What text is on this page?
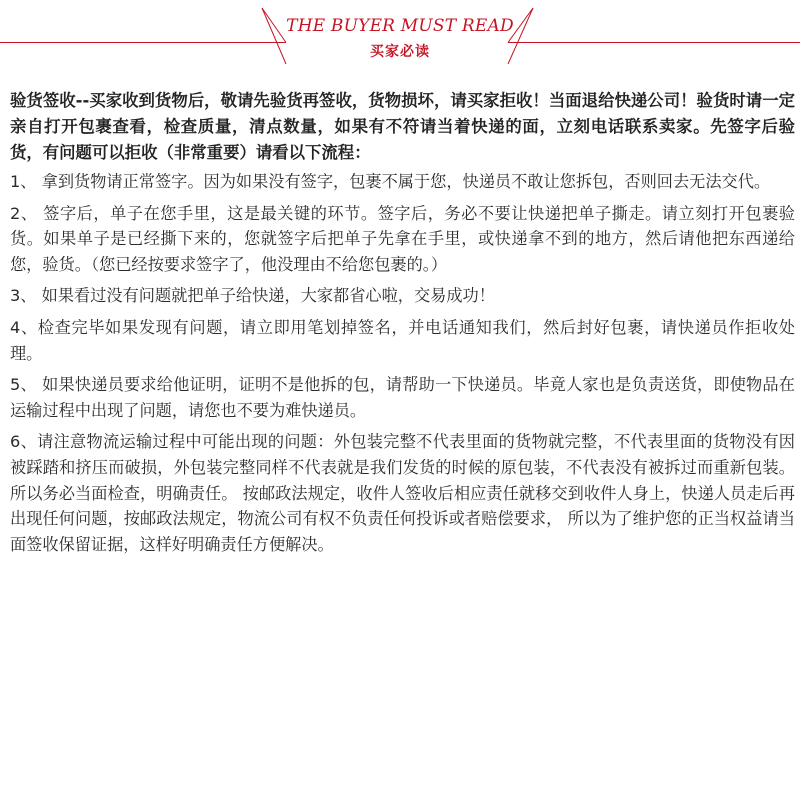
THE BUYER MUST READ
买家必读

验货签收--买家收到货物后，敬请先验货再签收，货物损坏，请买家拒收！当面退给快递公司！验货时请一定亲自打开包裹查看，检查质量，清点数量，如果有不符请当着快递的面，立刻电话联系卖家。先签字后验货，有问题可以拒收（非常重要）请看以下流程：

1、 拿到货物请正常签字。因为如果没有签字，包裹不属于您，快递员不敢让您拆包，否则回去无法交代。

2、 签字后，单子在您手里，这是最关键的环节。签字后，务必不要让快递把单子撕走。请立刻打开包裹验货。如果单子是已经撕下来的，您就签字后把单子先拿在手里，或快递拿不到的地方，然后请他把东西递给您，验货。（您已经按要求签字了，他没理由不给您包裹的。）

3、 如果看过没有问题就把单子给快递，大家都省心啦，交易成功！

4、检查完毕如果发现有问题，请立即用笔划掉签名，并电话通知我们，然后封好包裹，请快递员作拒收处理。

5、 如果快递员要求给他证明，证明不是他拆的包，请帮助一下快递员。毕竟人家也是负责送货，即使物品在运输过程中出现了问题，请您也不要为难快递员。

6、请注意物流运输过程中可能出现的问题：外包装完整不代表里面的货物就完整，不代表里面的货物没有因被踩踏和挤压而破损，外包装完整同样不代表就是我们发货的时候的原包装，不代表没有被拆过而重新包装。所以务必当面检查，明确责任。 按邮政法规定，收件人签收后相应责任就移交到收件人身上，快递人员走后再出现任何问题，按邮政法规定，物流公司有权不负责任何投诉或者赔偿要求， 所以为了维护您的正当权益请当面签收保留证据，这样好明确责任方便解决。
